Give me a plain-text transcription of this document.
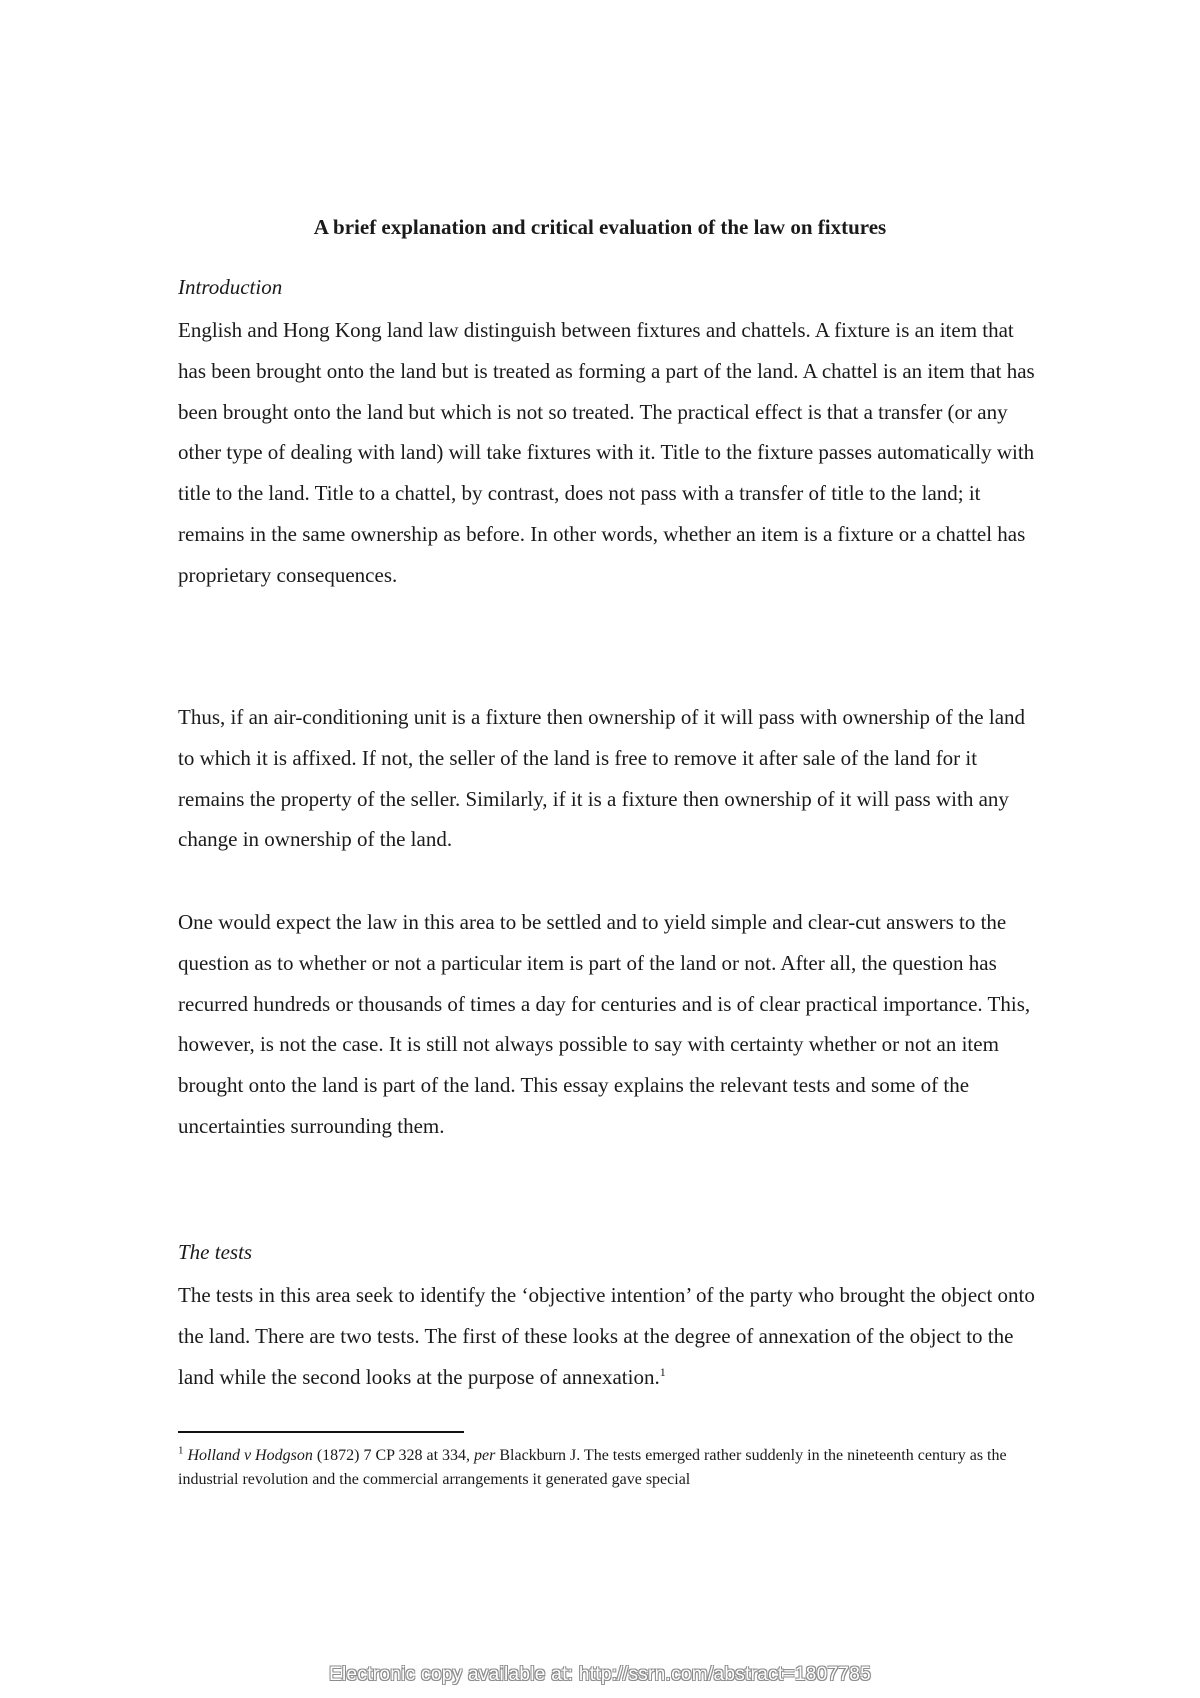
A brief explanation and critical evaluation of the law on fixtures
Introduction

English and Hong Kong land law distinguish between fixtures and chattels. A fixture is an item that has been brought onto the land but is treated as forming a part of the land. A chattel is an item that has been brought onto the land but which is not so treated. The practical effect is that a transfer (or any other type of dealing with land) will take fixtures with it. Title to the fixture passes automatically with title to the land. Title to a chattel, by contrast, does not pass with a transfer of title to the land; it remains in the same ownership as before. In other words, whether an item is a fixture or a chattel has proprietary consequences.

Thus, if an air-conditioning unit is a fixture then ownership of it will pass with ownership of the land to which it is affixed. If not, the seller of the land is free to remove it after sale of the land for it remains the property of the seller. Similarly, if it is a fixture then ownership of it will pass with any change in ownership of the land.

One would expect the law in this area to be settled and to yield simple and clear-cut answers to the question as to whether or not a particular item is part of the land or not. After all, the question has recurred hundreds or thousands of times a day for centuries and is of clear practical importance. This, however, is not the case. It is still not always possible to say with certainty whether or not an item brought onto the land is part of the land. This essay explains the relevant tests and some of the uncertainties surrounding them.

The tests

The tests in this area seek to identify the ‘objective intention’ of the party who brought the object onto the land. There are two tests. The first of these looks at the degree of annexation of the object to the land while the second looks at the purpose of annexation.$^1$

$^1$ Holland v Hodgson (1872) 7 CP 328 at 334, per Blackburn J. The tests emerged rather suddenly in the nineteenth century as the industrial revolution and the commercial arrangements it generated gave special

Electronic copy available at: http://ssrn.com/abstract=1807785
